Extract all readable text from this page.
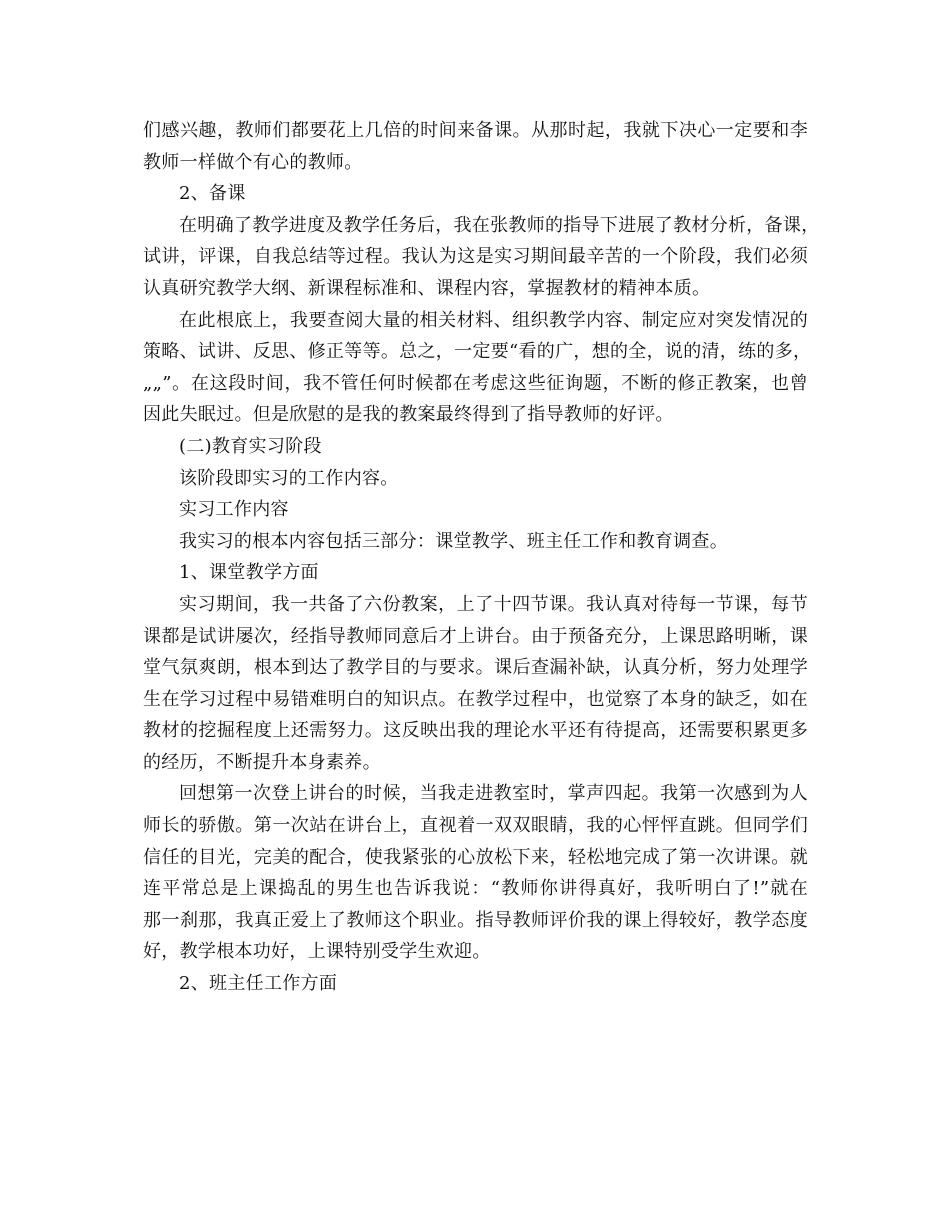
们感兴趣，教师们都要花上几倍的时间来备课。从那时起，我就下决心一定要和李
教师一样做个有心的教师。
2、备课
在明确了教学进度及教学任务后，我在张教师的指导下进展了教材分析，备课，
试讲，评课，自我总结等过程。我认为这是实习期间最辛苦的一个阶段，我们必须
认真研究教学大纲、新课程标准和、课程内容，掌握教材的精神本质。
在此根底上，我要查阅大量的相关材料、组织教学内容、制定应对突发情况的
策略、试讲、反思、修正等等。总之，一定要“看的广，想的全，说的清，练的多，
„„”。在这段时间，我不管任何时候都在考虑这些征询题，不断的修正教案，也曾
因此失眠过。但是欣慰的是我的教案最终得到了指导教师的好评。
(二)教育实习阶段
该阶段即实习的工作内容。
实习工作内容
我实习的根本内容包括三部分：课堂教学、班主任工作和教育调查。
1、课堂教学方面
实习期间，我一共备了六份教案，上了十四节课。我认真对待每一节课，每节
课都是试讲屡次，经指导教师同意后才上讲台。由于预备充分，上课思路明晰，课
堂气氛爽朗，根本到达了教学目的与要求。课后查漏补缺，认真分析，努力处理学
生在学习过程中易错难明白的知识点。在教学过程中，也觉察了本身的缺乏，如在
教材的挖掘程度上还需努力。这反映出我的理论水平还有待提高，还需要积累更多
的经历，不断提升本身素养。
回想第一次登上讲台的时候，当我走进教室时，掌声四起。我第一次感到为人
师长的骄傲。第一次站在讲台上，直视着一双双眼睛，我的心怦怦直跳。但同学们
信任的目光，完美的配合，使我紧张的心放松下来，轻松地完成了第一次讲课。就
连平常总是上课捣乱的男生也告诉我说：“教师你讲得真好，我听明白了!”就在
那一刹那，我真正爱上了教师这个职业。指导教师评价我的课上得较好，教学态度
好，教学根本功好，上课特别受学生欢迎。
2、班主任工作方面
